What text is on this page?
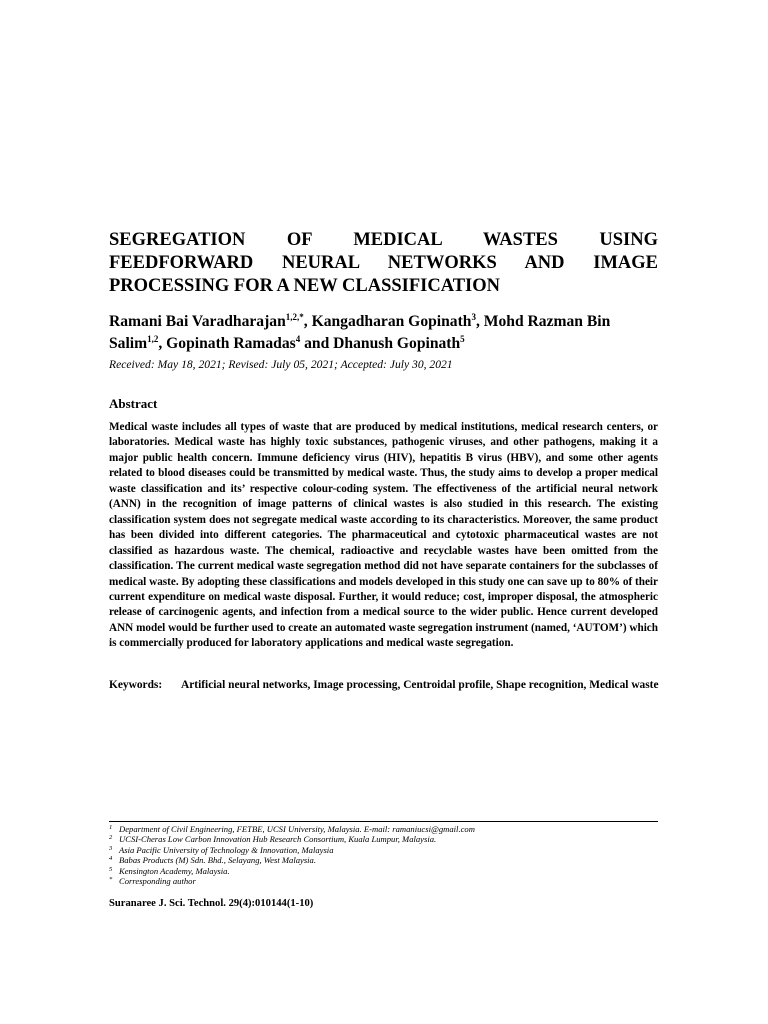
SEGREGATION OF MEDICAL WASTES USING
FEEDFORWARD NEURAL NETWORKS AND IMAGE
PROCESSING FOR A NEW CLASSIFICATION

Ramani Bai Varadharajan$^{1,2,*}$, Kangadharan Gopinath$^3$, Mohd Razman Bin Salim$^{1,2}$, Gopinath Ramadas$^4$ and Dhanush Gopinath$^5$

Received: May 18, 2021; Revised: July 05, 2021; Accepted: July 30, 2021

Abstract

Medical waste includes all types of waste that are produced by medical institutions, medical research centers, or laboratories. Medical waste has highly toxic substances, pathogenic viruses, and other pathogens, making it a major public health concern. Immune deficiency virus (HIV), hepatitis B virus (HBV), and some other agents related to blood diseases could be transmitted by medical waste. Thus, the study aims to develop a proper medical waste classification and its’ respective colour-coding system. The effectiveness of the artificial neural network (ANN) in the recognition of image patterns of clinical wastes is also studied in this research. The existing classification system does not segregate medical waste according to its characteristics. Moreover, the same product has been divided into different categories. The pharmaceutical and cytotoxic pharmaceutical wastes are not classified as hazardous waste. The chemical, radioactive and recyclable wastes have been omitted from the classification. The current medical waste segregation method did not have separate containers for the subclasses of medical waste. By adopting these classifications and models developed in this study one can save up to 80% of their current expenditure on medical waste disposal. Further, it would reduce; cost, improper disposal, the atmospheric release of carcinogenic agents, and infection from a medical source to the wider public. Hence current developed ANN model would be further used to create an automated waste segregation instrument (named, ‘AUTOM’) which is commercially produced for laboratory applications and medical waste segregation.

Keywords:	Artificial neural networks, Image processing, Centroidal profile, Shape recognition, Medical waste
1 Department of Civil Engineering, FETBE, UCSI University, Malaysia. E-mail: ramaniucsi@gmail.com
2 UCSI-Cheras Low Carbon Innovation Hub Research Consortium, Kuala Lumpur, Malaysia.
3 Asia Pacific University of Technology & Innovation, Malaysia
4 Babas Products (M) Sdn. Bhd., Selayang, West Malaysia.
5 Kensington Academy, Malaysia.
* Corresponding author

Suranaree J. Sci. Technol. 29(4):010144(1-10)
